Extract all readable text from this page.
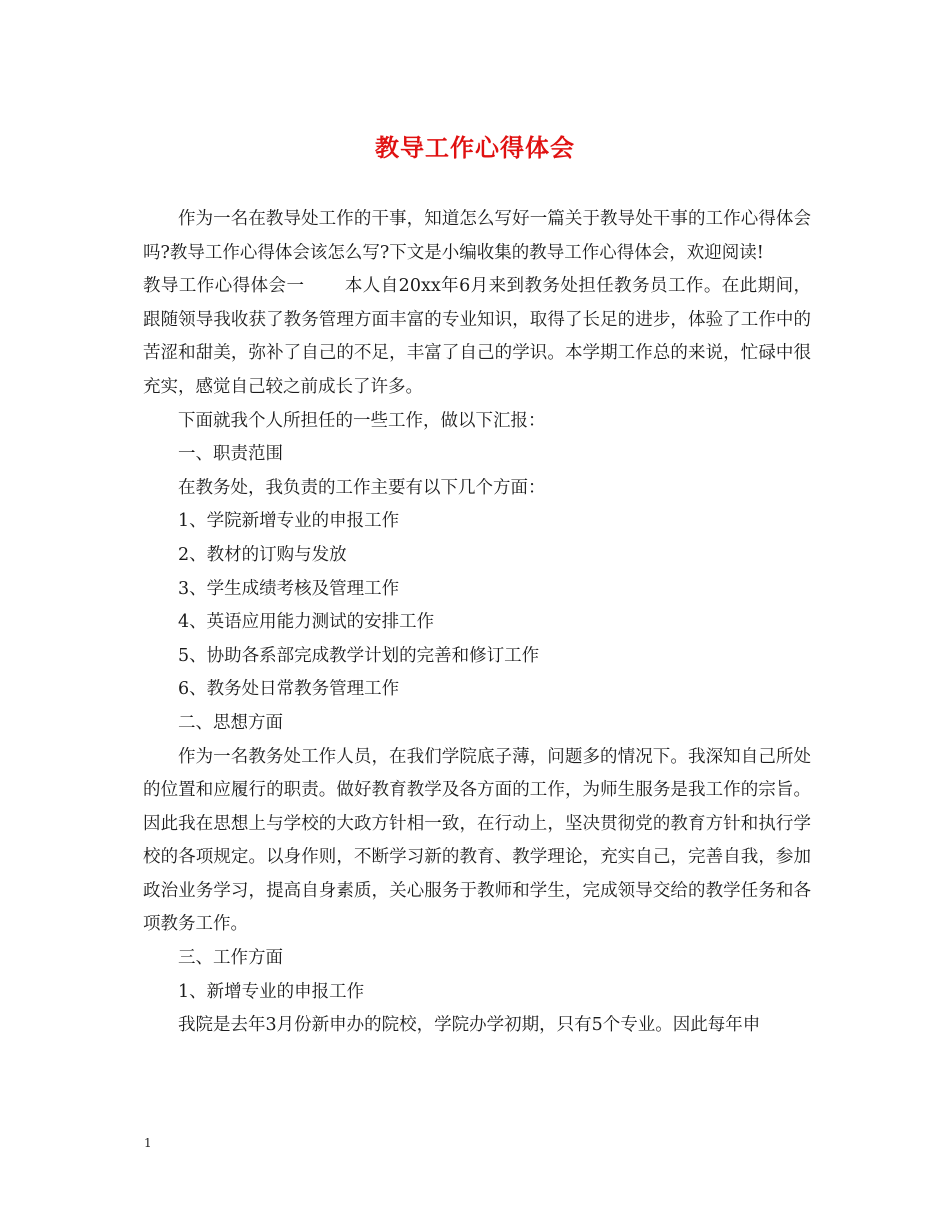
教导工作心得体会

作为一名在教导处工作的干事，知道怎么写好一篇关于教导处干事的工作心得体会吗?教导工作心得体会该怎么写?下文是小编收集的教导工作心得体会，欢迎阅读!

教导工作心得体会一 本人自20xx年6月来到教务处担任教务员工作。在此期间，跟随领导我收获了教务管理方面丰富的专业知识，取得了长足的进步，体验了工作中的苦涩和甜美，弥补了自己的不足，丰富了自己的学识。本学期工作总的来说，忙碌中很充实，感觉自己较之前成长了许多。

下面就我个人所担任的一些工作，做以下汇报：

一、职责范围

在教务处，我负责的工作主要有以下几个方面：

1、学院新增专业的申报工作

2、教材的订购与发放

3、学生成绩考核及管理工作

4、英语应用能力测试的安排工作

5、协助各系部完成教学计划的完善和修订工作

6、教务处日常教务管理工作

二、思想方面

作为一名教务处工作人员，在我们学院底子薄，问题多的情况下。我深知自己所处的位置和应履行的职责。做好教育教学及各方面的工作，为师生服务是我工作的宗旨。因此我在思想上与学校的大政方针相一致，在行动上，坚决贯彻党的教育方针和执行学校的各项规定。以身作则，不断学习新的教育、教学理论，充实自己，完善自我，参加政治业务学习，提高自身素质，关心服务于教师和学生，完成领导交给的教学任务和各项教务工作。

三、工作方面

1、新增专业的申报工作

我院是去年3月份新申办的院校，学院办学初期，只有5个专业。因此每年申

1
